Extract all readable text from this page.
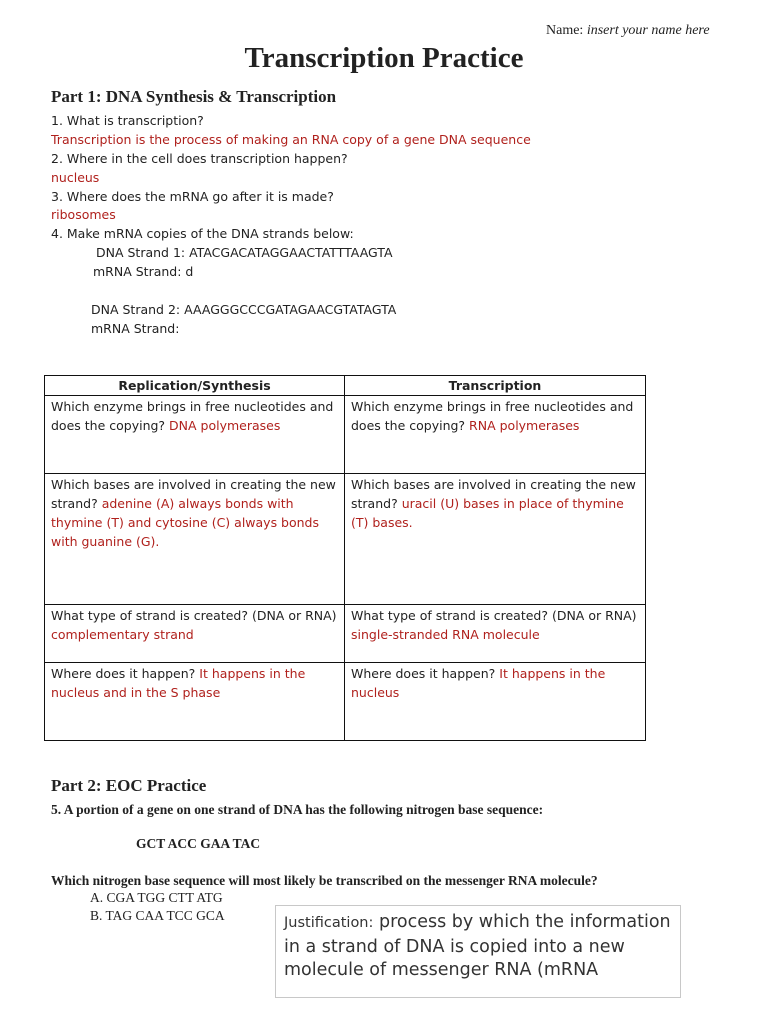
Name: insert your name here
Transcription Practice
Part 1: DNA Synthesis & Transcription
1. What is transcription?
Transcription is the process of making an RNA copy of a gene DNA sequence
2. Where in the cell does transcription happen?
nucleus
3. Where does the mRNA go after it is made?
ribosomes
4. Make mRNA copies of the DNA strands below:
DNA Strand 1: ATACGACATAGGAACTATTTAAGTA
mRNA Strand: d
DNA Strand 2: AAAGGGCCCGATAGAACGTATAGTA
mRNA Strand:
Replication/Synthesis	Transcription
Which enzyme brings in free nucleotides and does the copying? DNA polymerases	Which enzyme brings in free nucleotides and does the copying? RNA polymerases
Which bases are involved in creating the new strand? adenine (A) always bonds with thymine (T) and cytosine (C) always bonds with guanine (G).	Which bases are involved in creating the new strand? uracil (U) bases in place of thymine (T) bases.
What type of strand is created? (DNA or RNA) complementary strand	What type of strand is created? (DNA or RNA) single-stranded RNA molecule
Where does it happen? It happens in the nucleus and in the S phase	Where does it happen? It happens in the nucleus
Part 2: EOC Practice
5. A portion of a gene on one strand of DNA has the following nitrogen base sequence:
GCT ACC GAA TAC
Which nitrogen base sequence will most likely be transcribed on the messenger RNA molecule?
A. CGA TGG CTT ATG
B. TAG CAA TCC GCA	Justification: process by which the information in a strand of DNA is copied into a new molecule of messenger RNA (mRNA
